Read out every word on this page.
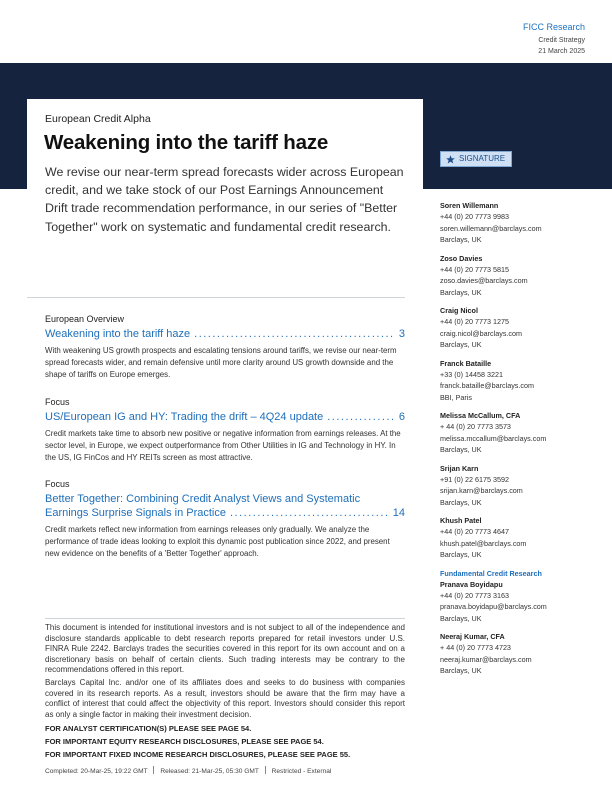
FICC Research
Credit Strategy
21 March 2025
European Credit Alpha
Weakening into the tariff haze
We revise our near-term spread forecasts wider across European credit, and we take stock of our Post Earnings Announcement Drift trade recommendation performance, in our series of "Better Together" work on systematic and fundamental credit research.
SIGNATURE
European Overview
Weakening into the tariff haze .....	3
With weakening US growth prospects and escalating tensions around tariffs, we revise our near-term spread forecasts wider, and remain defensive until more clarity around US growth downside and the shape of tariffs on Europe emerges.
Focus
US/European IG and HY: Trading the drift – 4Q24 update .....	6
Credit markets take time to absorb new positive or negative information from earnings releases. At the sector level, in Europe, we expect outperformance from Other Utilities in IG and Technology in HY. In the US, IG FinCos and HY REITs screen as most attractive.
Focus
Better Together: Combining Credit Analyst Views and Systematic
Earnings Surprise Signals in Practice .....	14
Credit markets reflect new information from earnings releases only gradually. We analyze the performance of trade ideas looking to exploit this dynamic post publication since 2022, and present new evidence on the benefits of a 'Better Together' approach.

This document is intended for institutional investors and is not subject to all of the independence and disclosure standards applicable to debt research reports prepared for retail investors under U.S. FINRA Rule 2242. Barclays trades the securities covered in this report for its own account and on a discretionary basis on behalf of certain clients. Such trading interests may be contrary to the recommendations offered in this report.

Barclays Capital Inc. and/or one of its affiliates does and seeks to do business with companies covered in its research reports. As a result, investors should be aware that the firm may have a conflict of interest that could affect the objectivity of this report. Investors should consider this report as only a single factor in making their investment decision.

FOR ANALYST CERTIFICATION(S) PLEASE SEE PAGE 54.

FOR IMPORTANT EQUITY RESEARCH DISCLOSURES, PLEASE SEE PAGE 54.

FOR IMPORTANT FIXED INCOME RESEARCH DISCLOSURES, PLEASE SEE PAGE 55.

Completed: 20-Mar-25, 19:22 GMT Released: 21-Mar-25, 05:30 GMT Restricted - External
Soren Willemann
+44 (0) 20 7773 9983
soren.willemann@barclays.com
Barclays, UK
Zoso Davies
+44 (0) 20 7773 5815
zoso.davies@barclays.com
Barclays, UK
Craig Nicol
+44 (0) 20 7773 1275
craig.nicol@barclays.com
Barclays, UK
Franck Bataille
+33 (0) 14458 3221
franck.bataille@barclays.com
BBI, Paris
Melissa McCallum, CFA
+ 44 (0) 20 7773 3573
melissa.mccallum@barclays.com
Barclays, UK
Srijan Karn
+91 (0) 22 6175 3592
srijan.karn@barclays.com
Barclays, UK
Khush Patel
+44 (0) 20 7773 4647
khush.patel@barclays.com
Barclays, UK
Fundamental Credit Research
Pranava Boyidapu
+44 (0) 20 7773 3163
pranava.boyidapu@barclays.com
Barclays, UK
Neeraj Kumar, CFA
+ 44 (0) 20 7773 4723
neeraj.kumar@barclays.com
Barclays, UK
